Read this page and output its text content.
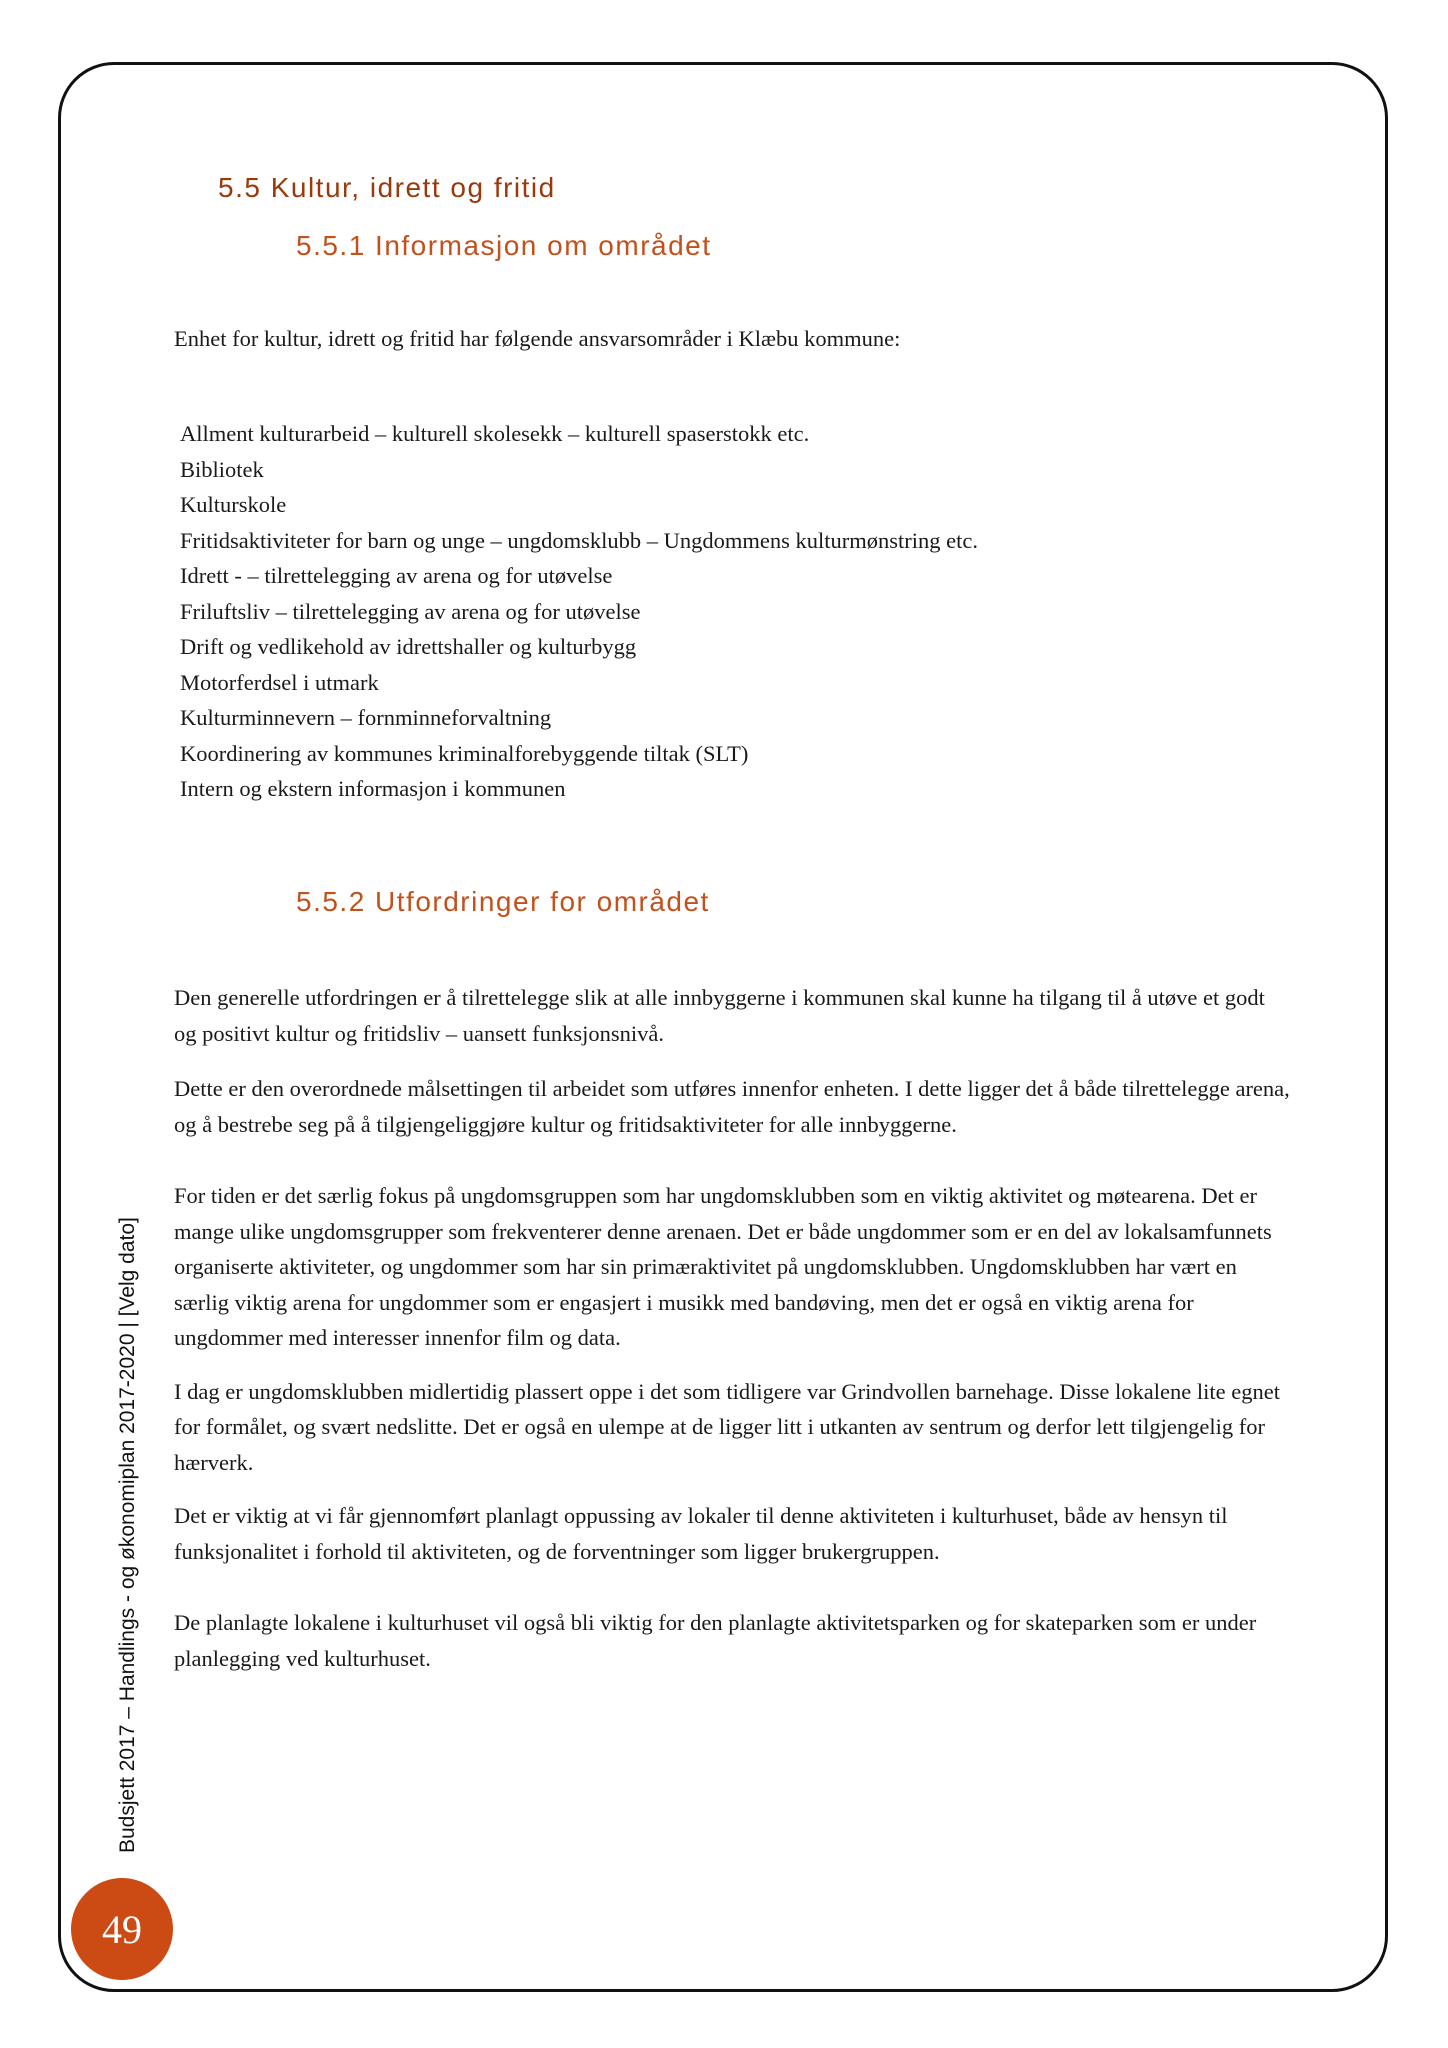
5.5 Kultur, idrett og fritid
5.5.1 Informasjon om området

Enhet for kultur, idrett og fritid har følgende ansvarsområder i Klæbu kommune:

Allment kulturarbeid – kulturell skolesekk – kulturell spaserstokk etc.
Bibliotek
Kulturskole
Fritidsaktiviteter for barn og unge – ungdomsklubb – Ungdommens kulturmønstring etc.
Idrett - – tilrettelegging av arena og for utøvelse
Friluftsliv – tilrettelegging av arena og for utøvelse
Drift og vedlikehold av idrettshaller og kulturbygg
Motorferdsel i utmark
Kulturminnevern – fornminneforvaltning
Koordinering av kommunes kriminalforebyggende tiltak (SLT)
Intern og ekstern informasjon i kommunen
5.5.2 Utfordringer for området

Den generelle utfordringen er å tilrettelegge slik at alle innbyggerne i kommunen skal kunne ha tilgang til å utøve et godt og positivt kultur og fritidsliv – uansett funksjonsnivå.

Dette er den overordnede målsettingen til arbeidet som utføres innenfor enheten. I dette ligger det å både tilrettelegge arena, og å bestrebe seg på å tilgjengeliggjøre kultur og fritidsaktiviteter for alle innbyggerne.

For tiden er det særlig fokus på ungdomsgruppen som har ungdomsklubben som en viktig aktivitet og møtearena. Det er mange ulike ungdomsgrupper som frekventerer denne arenaen. Det er både ungdommer som er en del av lokalsamfunnets organiserte aktiviteter, og ungdommer som har sin primæraktivitet på ungdomsklubben. Ungdomsklubben har vært en særlig viktig arena for ungdommer som er engasjert i musikk med bandøving, men det er også en viktig arena for ungdommer med interesser innenfor film og data.

I dag er ungdomsklubben midlertidig plassert oppe i det som tidligere var Grindvollen barnehage. Disse lokalene lite egnet for formålet, og svært nedslitte. Det er også en ulempe at de ligger litt i utkanten av sentrum og derfor lett tilgjengelig for hærverk.

Det er viktig at vi får gjennomført planlagt oppussing av lokaler til denne aktiviteten i kulturhuset, både av hensyn til funksjonalitet i forhold til aktiviteten, og de forventninger som ligger brukergruppen.

De planlagte lokalene i kulturhuset vil også bli viktig for den planlagte aktivitetsparken og for skateparken som er under planlegging ved kulturhuset.

Budsjett 2017 – Handlings - og økonomiplan 2017-2020 | [Velg dato]
49
